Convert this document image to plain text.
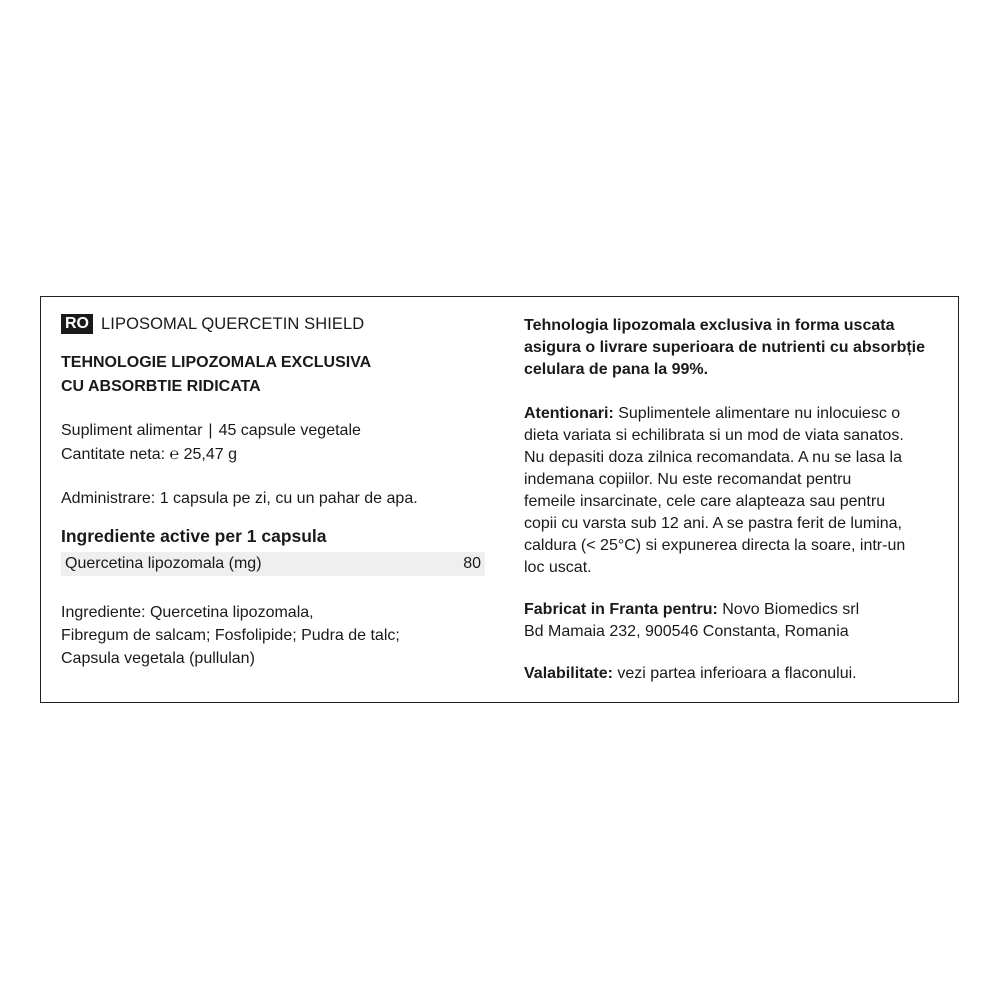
RO LIPOSOMAL QUERCETIN SHIELD
TEHNOLOGIE LIPOZOMALA EXCLUSIVA
CU ABSORBTIE RIDICATA
Supliment alimentar | 45 capsule vegetale
Cantitate neta: ℮ 25,47 g
Administrare: 1 capsula pe zi, cu un pahar de apa.
Ingrediente active per 1 capsula
Quercetina lipozomala (mg)	80
Ingrediente: Quercetina lipozomala,
Fibregum de salcam; Fosfolipide; Pudra de talc;
Capsula vegetala (pullulan)
Tehnologia lipozomala exclusiva in forma uscata
asigura o livrare superioara de nutrienti cu absorbție
celulara de pana la 99%.
Atentionari: Suplimentele alimentare nu inlocuiesc o
dieta variata si echilibrata si un mod de viata sanatos.
Nu depasiti doza zilnica recomandata. A nu se lasa la
indemana copiilor. Nu este recomandat pentru
femeile insarcinate, cele care alapteaza sau pentru
copii cu varsta sub 12 ani. A se pastra ferit de lumina,
caldura (< 25°C) si expunerea directa la soare, intr-un
loc uscat.
Fabricat in Franta pentru: Novo Biomedics srl
Bd Mamaia 232, 900546 Constanta, Romania
Valabilitate: vezi partea inferioara a flaconului.
